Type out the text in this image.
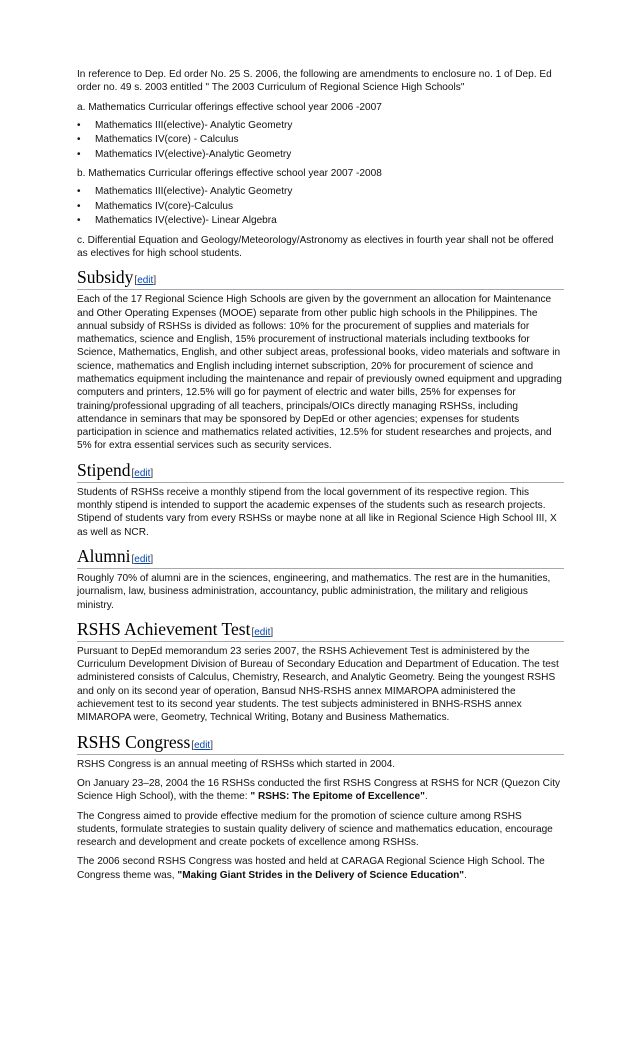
In reference to Dep. Ed order No. 25 S. 2006, the following are amendments to enclosure no. 1 of Dep. Ed order no. 49 s. 2003 entitled " The 2003 Curriculum of Regional Science High Schools"

a. Mathematics Curricular offerings effective school year 2006 -2007

• Mathematics III(elective)- Analytic Geometry
• Mathematics IV(core) - Calculus
• Mathematics IV(elective)-Analytic Geometry

b. Mathematics Curricular offerings effective school year 2007 -2008

• Mathematics III(elective)- Analytic Geometry
• Mathematics IV(core)-Calculus
• Mathematics IV(elective)- Linear Algebra

c. Differential Equation and Geology/Meteorology/Astronomy as electives in fourth year shall not be offered as electives for high school students.

Subsidy [edit]

Each of the 17 Regional Science High Schools are given by the government an allocation for Maintenance and Other Operating Expenses (MOOE) separate from other public high schools in the Philippines. The annual subsidy of RSHSs is divided as follows: 10% for the procurement of supplies and materials for mathematics, science and English, 15% procurement of instructional materials including textbooks for Science, Mathematics, English, and other subject areas, professional books, video materials and software in science, mathematics and English including internet subscription, 20% for procurement of science and mathematics equipment including the maintenance and repair of previously owned equipment and upgrading computers and printers, 12.5% will go for payment of electric and water bills, 25% for expenses for training/professional upgrading of all teachers, principals/OICs directly managing RSHSs, including attendance in seminars that may be sponsored by DepEd or other agencies; expenses for students participation in science and mathematics related activities, 12.5% for student researches and projects, and 5% for extra essential services such as security services.

Stipend [edit]

Students of RSHSs receive a monthly stipend from the local government of its respective region. This monthly stipend is intended to support the academic expenses of the students such as research projects. Stipend of students vary from every RSHSs or maybe none at all like in Regional Science High School III, X as well as NCR.

Alumni [edit]

Roughly 70% of alumni are in the sciences, engineering, and mathematics. The rest are in the humanities, journalism, law, business administration, accountancy, public administration, the military and religious ministry.

RSHS Achievement Test [edit]

Pursuant to DepEd memorandum 23 series 2007, the RSHS Achievement Test is administered by the Curriculum Development Division of Bureau of Secondary Education and Department of Education. The test administered consists of Calculus, Chemistry, Research, and Analytic Geometry. Being the youngest RSHS and only on its second year of operation, Bansud NHS-RSHS annex MIMAROPA administered the achievement test to its second year students. The test subjects administered in BNHS-RSHS annex MIMAROPA were, Geometry, Technical Writing, Botany and Business Mathematics.

RSHS Congress [edit]

RSHS Congress is an annual meeting of RSHSs which started in 2004.

On January 23–28, 2004 the 16 RSHSs conducted the first RSHS Congress at RSHS for NCR (Quezon City Science High School), with the theme: " RSHS: The Epitome of Excellence".

The Congress aimed to provide effective medium for the promotion of science culture among RSHS students, formulate strategies to sustain quality delivery of science and mathematics education, encourage research and development and create pockets of excellence among RSHSs.

The 2006 second RSHS Congress was hosted and held at CARAGA Regional Science High School. The Congress theme was, "Making Giant Strides in the Delivery of Science Education".
